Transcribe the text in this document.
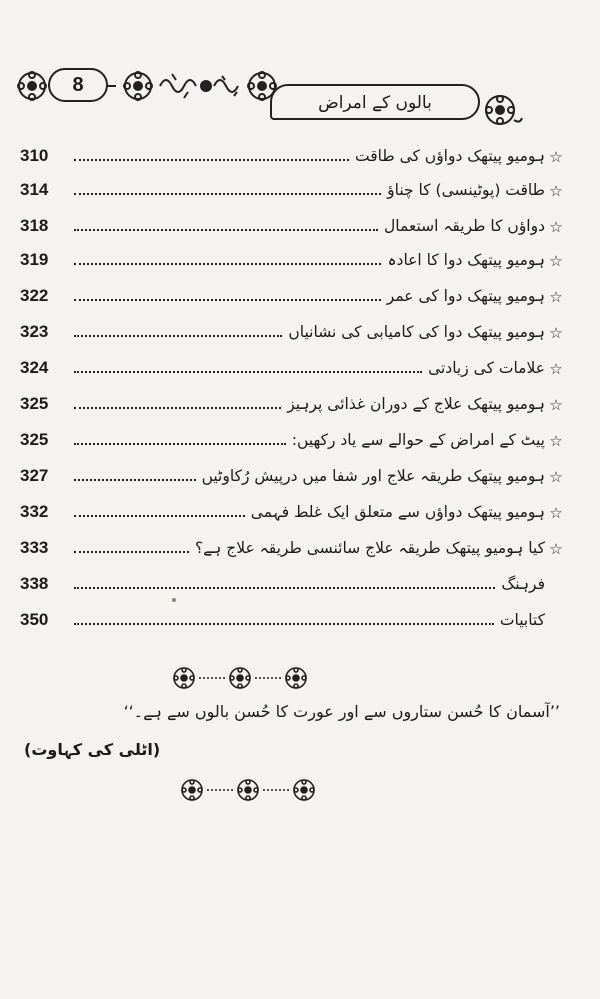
8
بالوں کے امراض
☆
ہومیو پیتھک دواؤں کی طاقت
310
☆
طاقت (پوٹینسی) کا چناؤ
314
☆
دواؤں کا طریقہ استعمال
318
☆
ہومیو پیتھک دوا کا اعادہ
319
☆
ہومیو پیتھک دوا کی عمر
322
☆
ہومیو پیتھک دوا کی کامیابی کی نشانیاں
323
☆
علامات کی زیادتی
324
☆
ہومیو پیتھک علاج کے دوران غذائی پرہیز
325
☆
پیٹ کے امراض کے حوالے سے یاد رکھیں:
325
☆
ہومیو پیتھک طریقہ علاج اور شفا میں درپیش رُکاوٹیں
327
☆
ہومیو پیتھک دواؤں سے متعلق ایک غلط فہمی
332
☆
کیا ہومیو پیتھک طریقہ علاج سائنسی طریقہ علاج ہے؟
333
فرہنگ
338
کتابیات
350
’’آسمان کا حُسن ستاروں سے اور عورت کا حُسن بالوں سے ہے۔‘‘
(اٹلی کی کہاوت)
